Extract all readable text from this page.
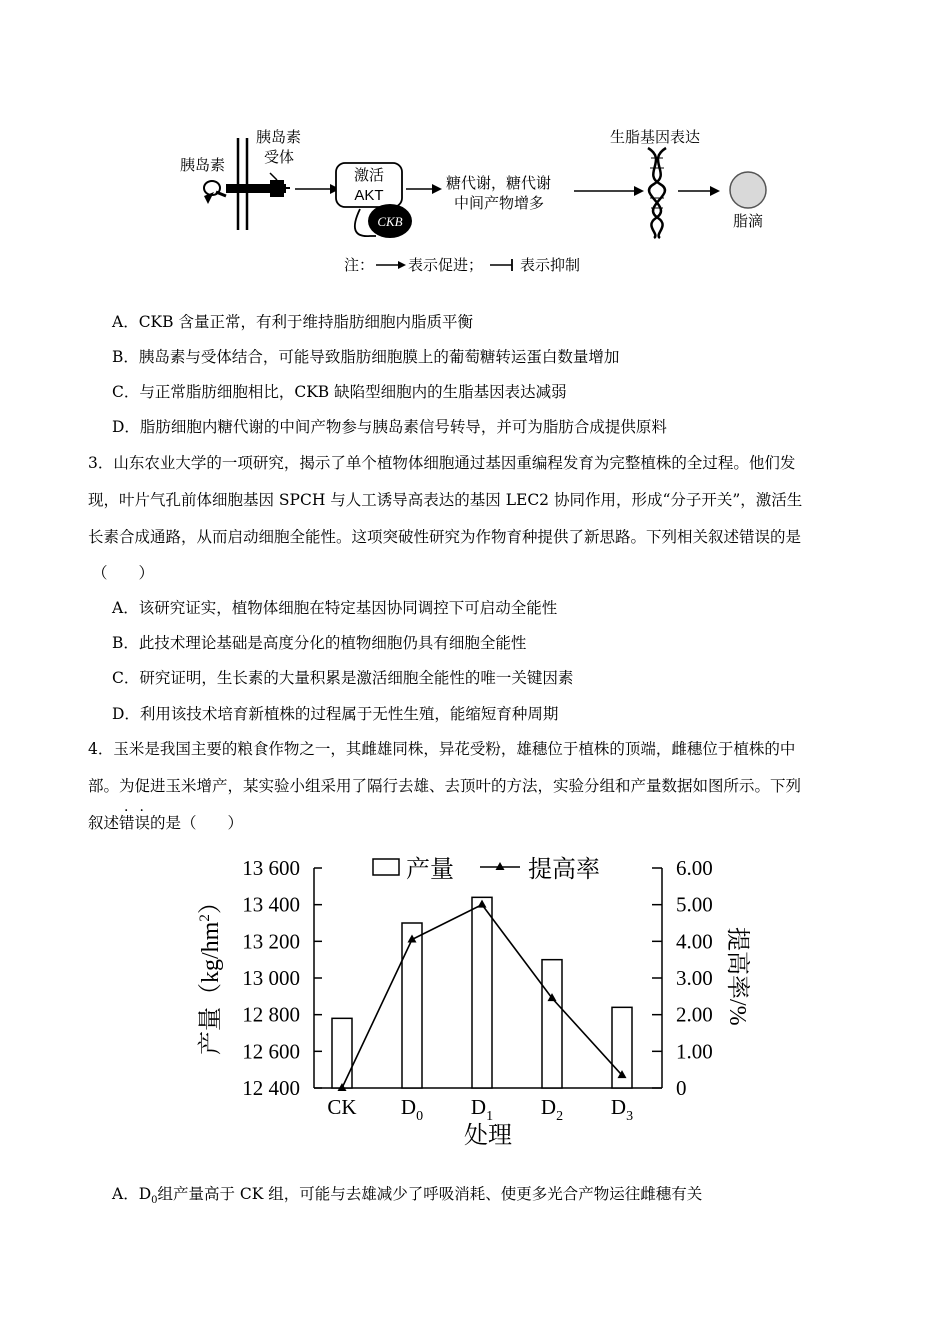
胰岛素
胰岛素
受体
激活
AKT
CKB
糖代谢，糖代谢
中间产物增多
生脂基因表达
脂滴
注： 表示促进； 表示抑制
A．CKB 含量正常，有利于维持脂肪细胞内脂质平衡
B．胰岛素与受体结合，可能导致脂肪细胞膜上的葡萄糖转运蛋白数量增加
C．与正常脂肪细胞相比，CKB 缺陷型细胞内的生脂基因表达减弱
D．脂肪细胞内糖代谢的中间产物参与胰岛素信号转导，并可为脂肪合成提供原料
3．山东农业大学的一项研究，揭示了单个植物体细胞通过基因重编程发育为完整植株的全过程。他们发
现，叶片气孔前体细胞基因 SPCH 与人工诱导高表达的基因 LEC2 协同作用，形成“分子开关”，激活生
长素合成通路，从而启动细胞全能性。这项突破性研究为作物育种提供了新思路。下列相关叙述错误的是
（　　）
A．该研究证实，植物体细胞在特定基因协同调控下可启动全能性
B．此技术理论基础是高度分化的植物细胞仍具有细胞全能性
C．研究证明，生长素的大量积累是激活细胞全能性的唯一关键因素
D．利用该技术培育新植株的过程属于无性生殖，能缩短育种周期
4．玉米是我国主要的粮食作物之一，其雌雄同株，异花受粉，雄穗位于植株的顶端，雌穗位于植株的中
部。为促进玉米增产，某实验小组采用了隔行去雄、去顶叶的方法，实验分组和产量数据如图所示。下列
叙述错误的是（　　）
12 400
12 600
12 800
13 000
13 200
13 400
13 600
0
1.00
2.00
3.00
4.00
5.00
6.00
CK $D_0$ $D_1$ $D_2$ $D_3$
产量	提高率
产量$(kg/hm^2)$
提高率/%
处理
A．$D_0$组产量高于 CK 组，可能与去雄减少了呼吸消耗、使更多光合产物运往雌穗有关
